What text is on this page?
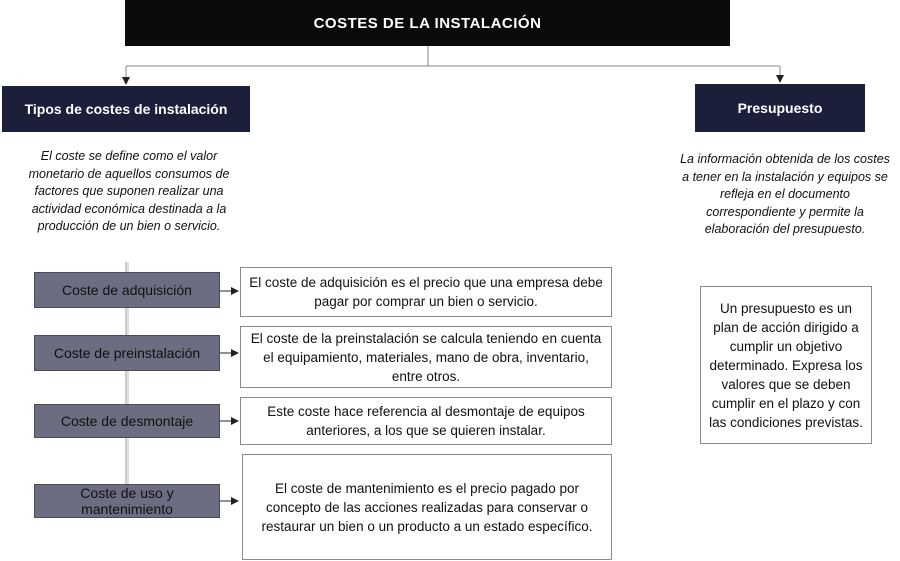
COSTES DE LA INSTALACIÓN
Tipos de costes de instalación
El coste se define como el valor monetario de aquellos consumos de factores que suponen realizar una actividad económica destinada a la producción de un bien o servicio.
Coste de adquisición	El coste de adquisición es el precio que una empresa debe pagar por comprar un bien o servicio.
Coste de preinstalación
El coste de la preinstalación se calcula teniendo en cuenta el equipamiento, materiales, mano de obra, inventario, entre otros.
Coste de desmontaje
Este coste hace referencia al desmontaje de equipos anteriores, a los que se quieren instalar.
Coste de uso y mantenimiento
El coste de mantenimiento es el precio pagado por concepto de las acciones realizadas para conservar o restaurar un bien o un producto a un estado específico.
Presupuesto
La información obtenida de los costes a tener en la instalación y equipos se refleja en el documento correspondiente y permite la elaboración del presupuesto.
Un presupuesto es un plan de acción dirigido a cumplir un objetivo determinado. Expresa los valores que se deben cumplir en el plazo y con las condiciones previstas.
